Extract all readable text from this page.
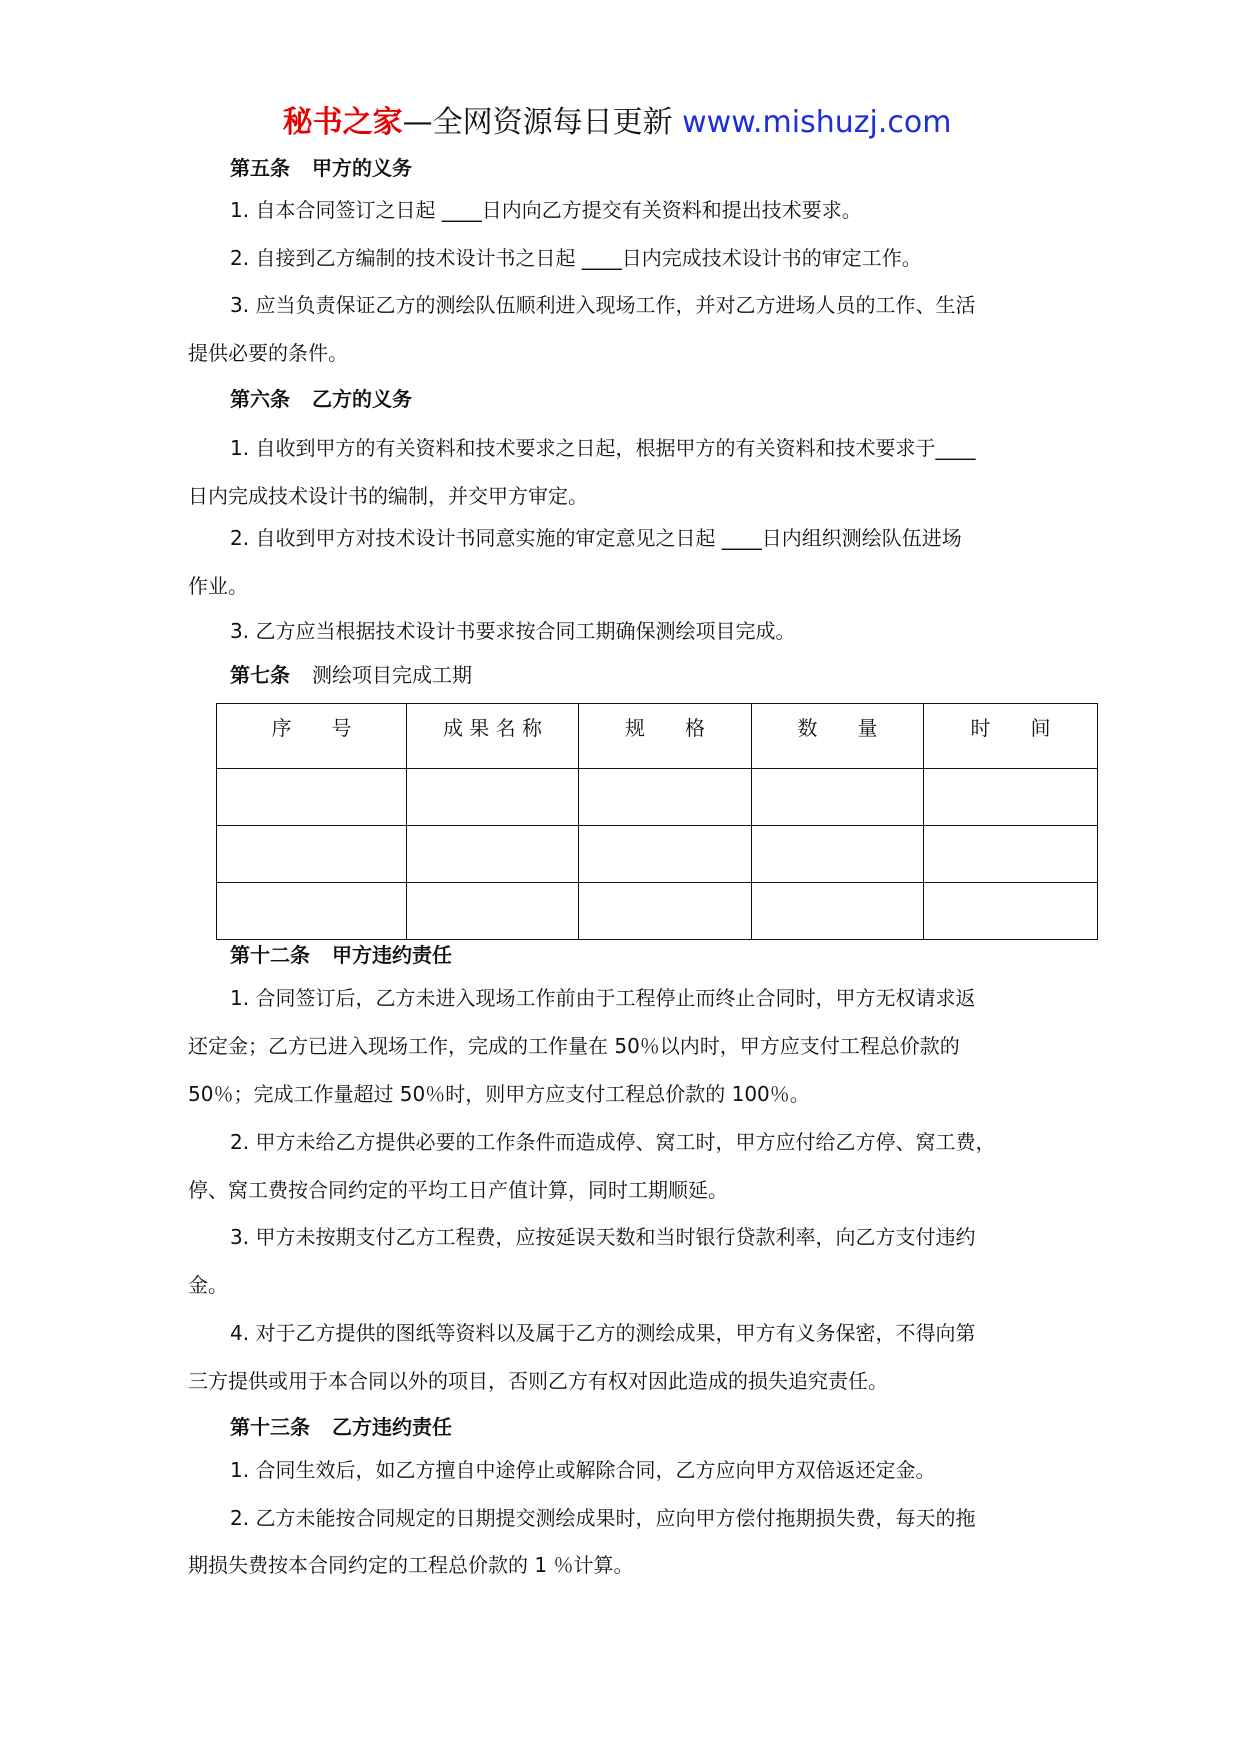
秘书之家—全网资源每日更新 www.mishuzj.com
第五条 甲方的义务
1. 自本合同签订之日起 ____日内向乙方提交有关资料和提出技术要求。
2. 自接到乙方编制的技术设计书之日起 ____日内完成技术设计书的审定工作。
3. 应当负责保证乙方的测绘队伍顺利进入现场工作，并对乙方进场人员的工作、生活
提供必要的条件。
第六条 乙方的义务
1. 自收到甲方的有关资料和技术要求之日起，根据甲方的有关资料和技术要求于____
日内完成技术设计书的编制，并交甲方审定。
2. 自收到甲方对技术设计书同意实施的审定意见之日起 ____日内组织测绘队伍进场
作业。
3. 乙方应当根据技术设计书要求按合同工期确保测绘项目完成。
第七条 测绘项目完成工期
序　　号	成 果 名 称	规　　格	数　　量	时　　间

第十二条 甲方违约责任
1. 合同签订后，乙方未进入现场工作前由于工程停止而终止合同时，甲方无权请求返
还定金；乙方已进入现场工作，完成的工作量在 50％以内时，甲方应支付工程总价款的
50％；完成工作量超过 50％时，则甲方应支付工程总价款的 100％。
2. 甲方未给乙方提供必要的工作条件而造成停、窝工时，甲方应付给乙方停、窝工费，
停、窝工费按合同约定的平均工日产值计算，同时工期顺延。
3. 甲方未按期支付乙方工程费，应按延误天数和当时银行贷款利率，向乙方支付违约
金。
4. 对于乙方提供的图纸等资料以及属于乙方的测绘成果，甲方有义务保密，不得向第
三方提供或用于本合同以外的项目，否则乙方有权对因此造成的损失追究责任。
第十三条 乙方违约责任
1. 合同生效后，如乙方擅自中途停止或解除合同，乙方应向甲方双倍返还定金。
2. 乙方未能按合同规定的日期提交测绘成果时，应向甲方偿付拖期损失费，每天的拖
期损失费按本合同约定的工程总价款的 1 ％计算。
